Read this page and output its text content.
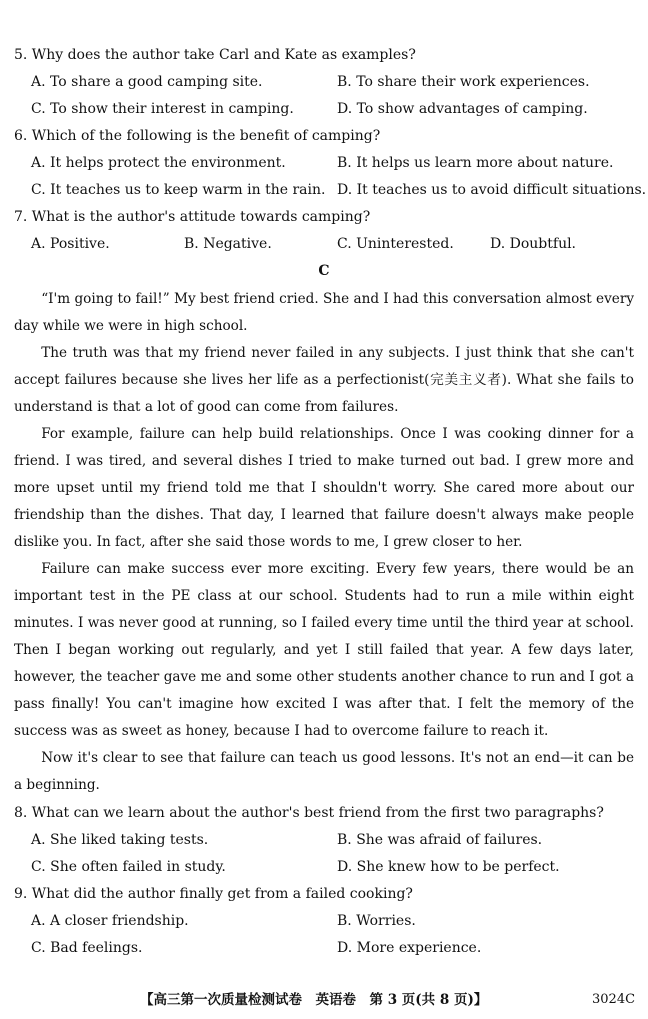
5. Why does the author take Carl and Kate as examples?
A. To share a good camping site.	B. To share their work experiences.
C. To show their interest in camping.	D. To show advantages of camping.
6. Which of the following is the benefit of camping?
A. It helps protect the environment.	B. It helps us learn more about nature.
C. It teaches us to keep warm in the rain. D. It teaches us to avoid difficult situations.
7. What is the author's attitude towards camping?
A. Positive.	B. Negative.	C. Uninterested.	D. Doubtful.
C
“I'm going to fail!” My best friend cried. She and I had this conversation almost every day while we were in high school.
The truth was that my friend never failed in any subjects. I just think that she can't accept failures because she lives her life as a perfectionist(完美主义者). What she fails to understand is that a lot of good can come from failures.
For example, failure can help build relationships. Once I was cooking dinner for a friend. I was tired, and several dishes I tried to make turned out bad. I grew more and more upset until my friend told me that I shouldn't worry. She cared more about our friendship than the dishes. That day, I learned that failure doesn't always make people dislike you. In fact, after she said those words to me, I grew closer to her.
Failure can make success ever more exciting. Every few years, there would be an important test in the PE class at our school. Students had to run a mile within eight minutes. I was never good at running, so I failed every time until the third year at school. Then I began working out regularly, and yet I still failed that year. A few days later, however, the teacher gave me and some other students another chance to run and I got a pass finally! You can't imagine how excited I was after that. I felt the memory of the success was as sweet as honey, because I had to overcome failure to reach it.
Now it's clear to see that failure can teach us good lessons. It's not an end—it can be a beginning.
8. What can we learn about the author's best friend from the first two paragraphs?
A. She liked taking tests.	B. She was afraid of failures.
C. She often failed in study.	D. She knew how to be perfect.
9. What did the author finally get from a failed cooking?
A. A closer friendship.	B. Worries.
C. Bad feelings.	D. More experience.
【高三第一次质量检测试卷　英语卷　第 3 页(共 8 页)】	3024C
